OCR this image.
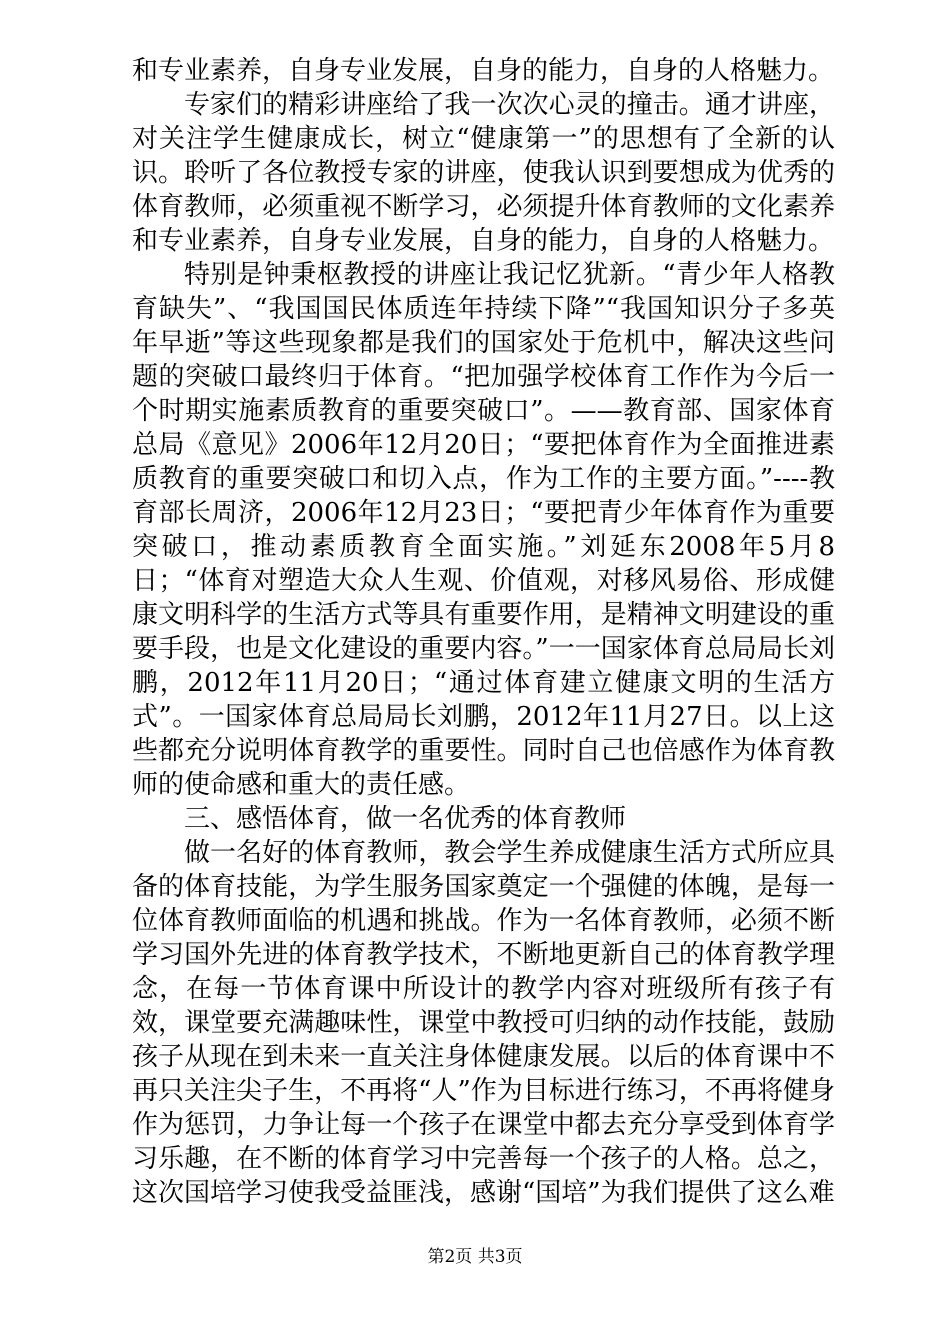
和专业素养，自身专业发展，自身的能力，自身的人格魅力。

专家们的精彩讲座给了我一次次心灵的撞击。通才讲座，对关注学生健康成长，树立“健康第一”的思想有了全新的认识。聆听了各位教授专家的讲座，使我认识到要想成为优秀的体育教师，必须重视不断学习，必须提升体育教师的文化素养和专业素养，自身专业发展，自身的能力，自身的人格魅力。

特别是钟秉枢教授的讲座让我记忆犹新。“青少年人格教育缺失”、“我国国民体质连年持续下降”“我国知识分子多英年早逝”等这些现象都是我们的国家处于危机中，解决这些问题的突破口最终归于体育。“把加强学校体育工作作为今后一个时期实施素质教育的重要突破口”。——教育部、国家体育总局《意见》2006年12月20日；“要把体育作为全面推进素质教育的重要突破口和切入点，作为工作的主要方面。”----教育部长周济，2006年12月23日；“要把青少年体育作为重要突破口，推动素质教育全面实施。”刘延东2008年5月8日；“体育对塑造大众人生观、价值观，对移风易俗、形成健康文明科学的生活方式等具有重要作用，是精神文明建设的重要手段，也是文化建设的重要内容。”一一国家体育总局局长刘鹏，2012年11月20日；“通过体育建立健康文明的生活方式”。一国家体育总局局长刘鹏，2012年11月27日。以上这些都充分说明体育教学的重要性。同时自己也倍感作为体育教师的使命感和重大的责任感。

三、感悟体育，做一名优秀的体育教师

做一名好的体育教师，教会学生养成健康生活方式所应具备的体育技能，为学生服务国家奠定一个强健的体魄，是每一位体育教师面临的机遇和挑战。作为一名体育教师，必须不断学习国外先进的体育教学技术，不断地更新自己的体育教学理念，在每一节体育课中所设计的教学内容对班级所有孩子有效，课堂要充满趣味性，课堂中教授可归纳的动作技能，鼓励孩子从现在到未来一直关注身体健康发展。以后的体育课中不再只关注尖子生，不再将“人”作为目标进行练习，不再将健身作为惩罚，力争让每一个孩子在课堂中都去充分享受到体育学习乐趣，在不断的体育学习中完善每一个孩子的人格。总之，这次国培学习使我受益匪浅，感谢“国培”为我们提供了这么难

第2页 共3页
